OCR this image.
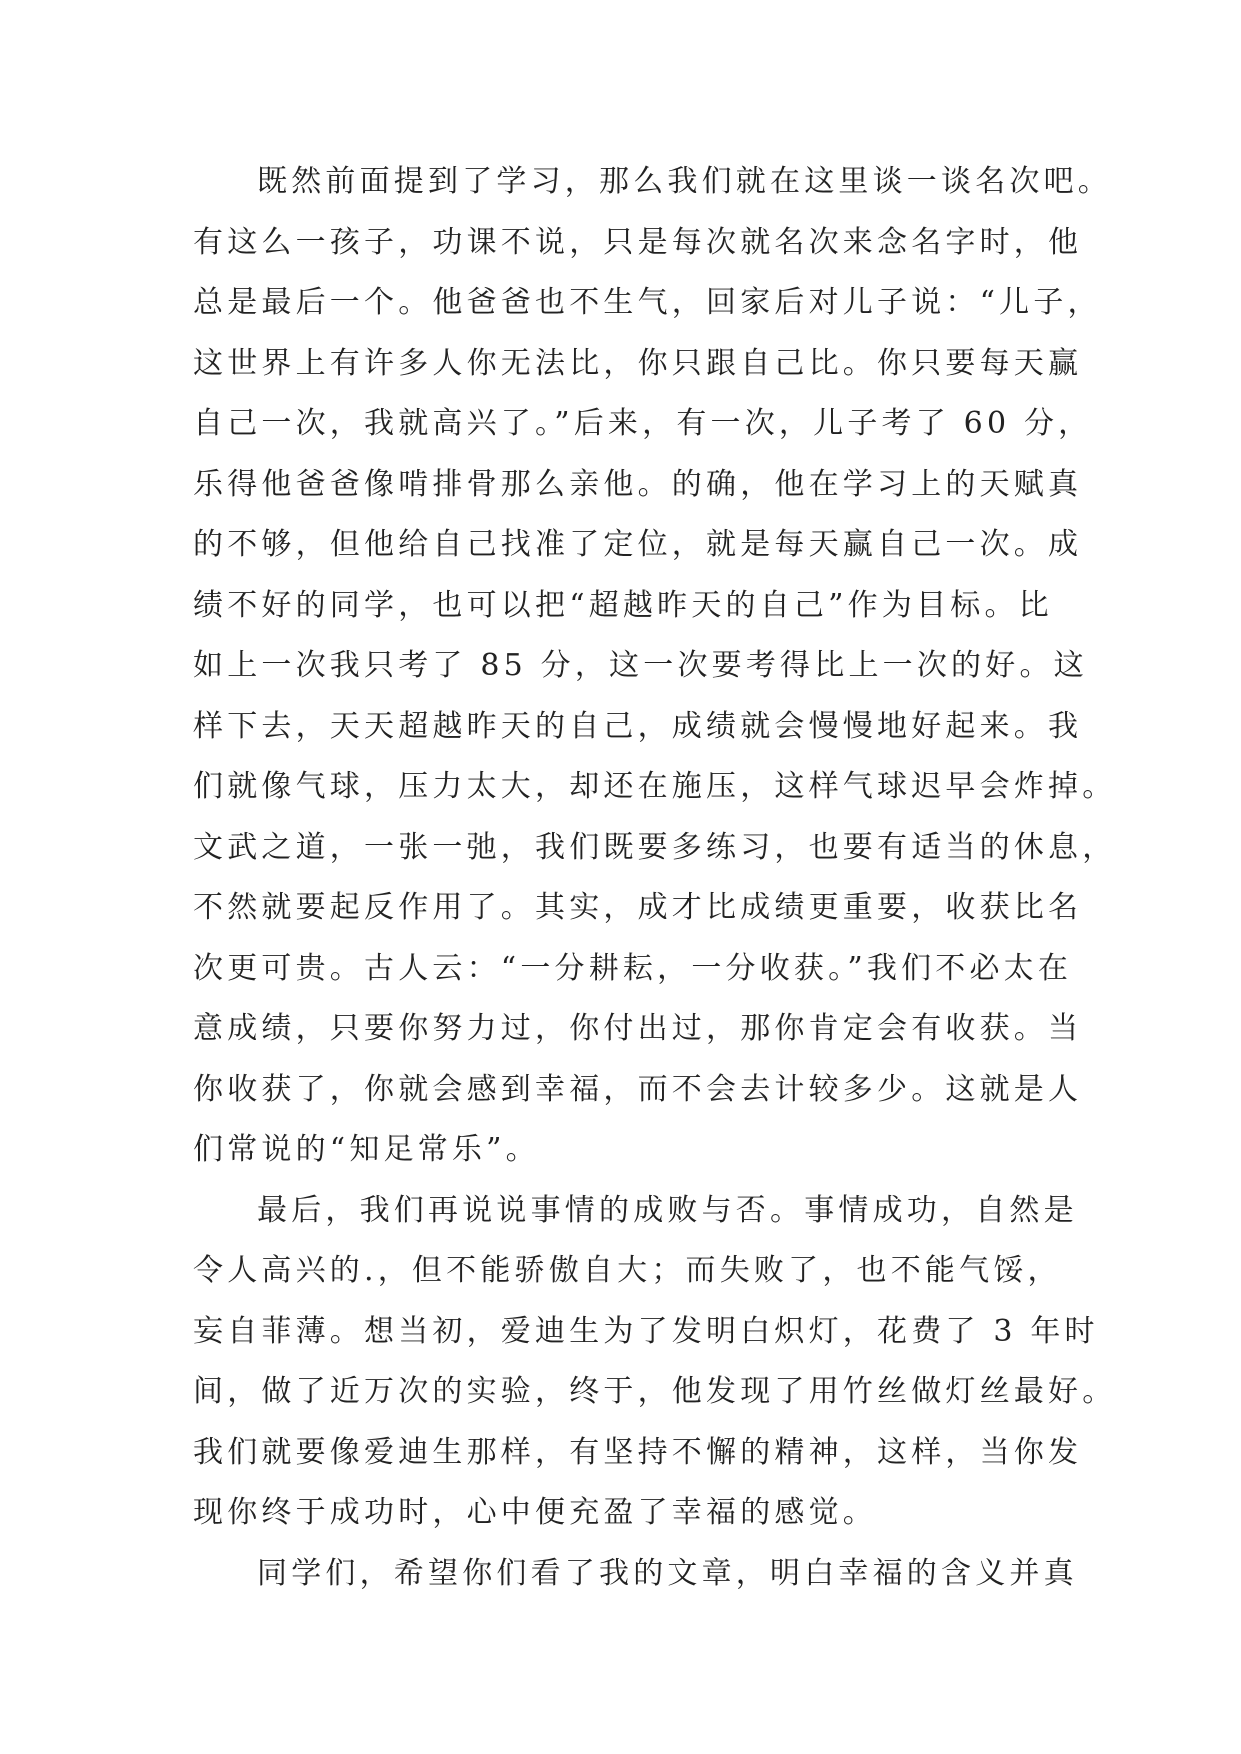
既然前面提到了学习，那么我们就在这里谈一谈名次吧。
有这么一孩子，功课不说，只是每次就名次来念名字时，他
总是最后一个。他爸爸也不生气，回家后对儿子说：“儿子，
这世界上有许多人你无法比，你只跟自己比。你只要每天赢
自己一次，我就高兴了。”后来，有一次，儿子考了 60 分，
乐得他爸爸像啃排骨那么亲他。的确，他在学习上的天赋真
的不够，但他给自己找准了定位，就是每天赢自己一次。成
绩不好的同学，也可以把“超越昨天的自己”作为目标。比
如上一次我只考了 85 分，这一次要考得比上一次的好。这
样下去，天天超越昨天的自己，成绩就会慢慢地好起来。我
们就像气球，压力太大，却还在施压，这样气球迟早会炸掉。
文武之道，一张一弛，我们既要多练习，也要有适当的休息，
不然就要起反作用了。其实，成才比成绩更重要，收获比名
次更可贵。古人云：“一分耕耘，一分收获。”我们不必太在
意成绩，只要你努力过，你付出过，那你肯定会有收获。当
你收获了，你就会感到幸福，而不会去计较多少。这就是人
们常说的“知足常乐”。
最后，我们再说说事情的成败与否。事情成功，自然是
令人高兴的.，但不能骄傲自大；而失败了，也不能气馁，
妄自菲薄。想当初，爱迪生为了发明白炽灯，花费了 3 年时
间，做了近万次的实验，终于，他发现了用竹丝做灯丝最好。
我们就要像爱迪生那样，有坚持不懈的精神，这样，当你发
现你终于成功时，心中便充盈了幸福的感觉。
同学们，希望你们看了我的文章，明白幸福的含义并真
